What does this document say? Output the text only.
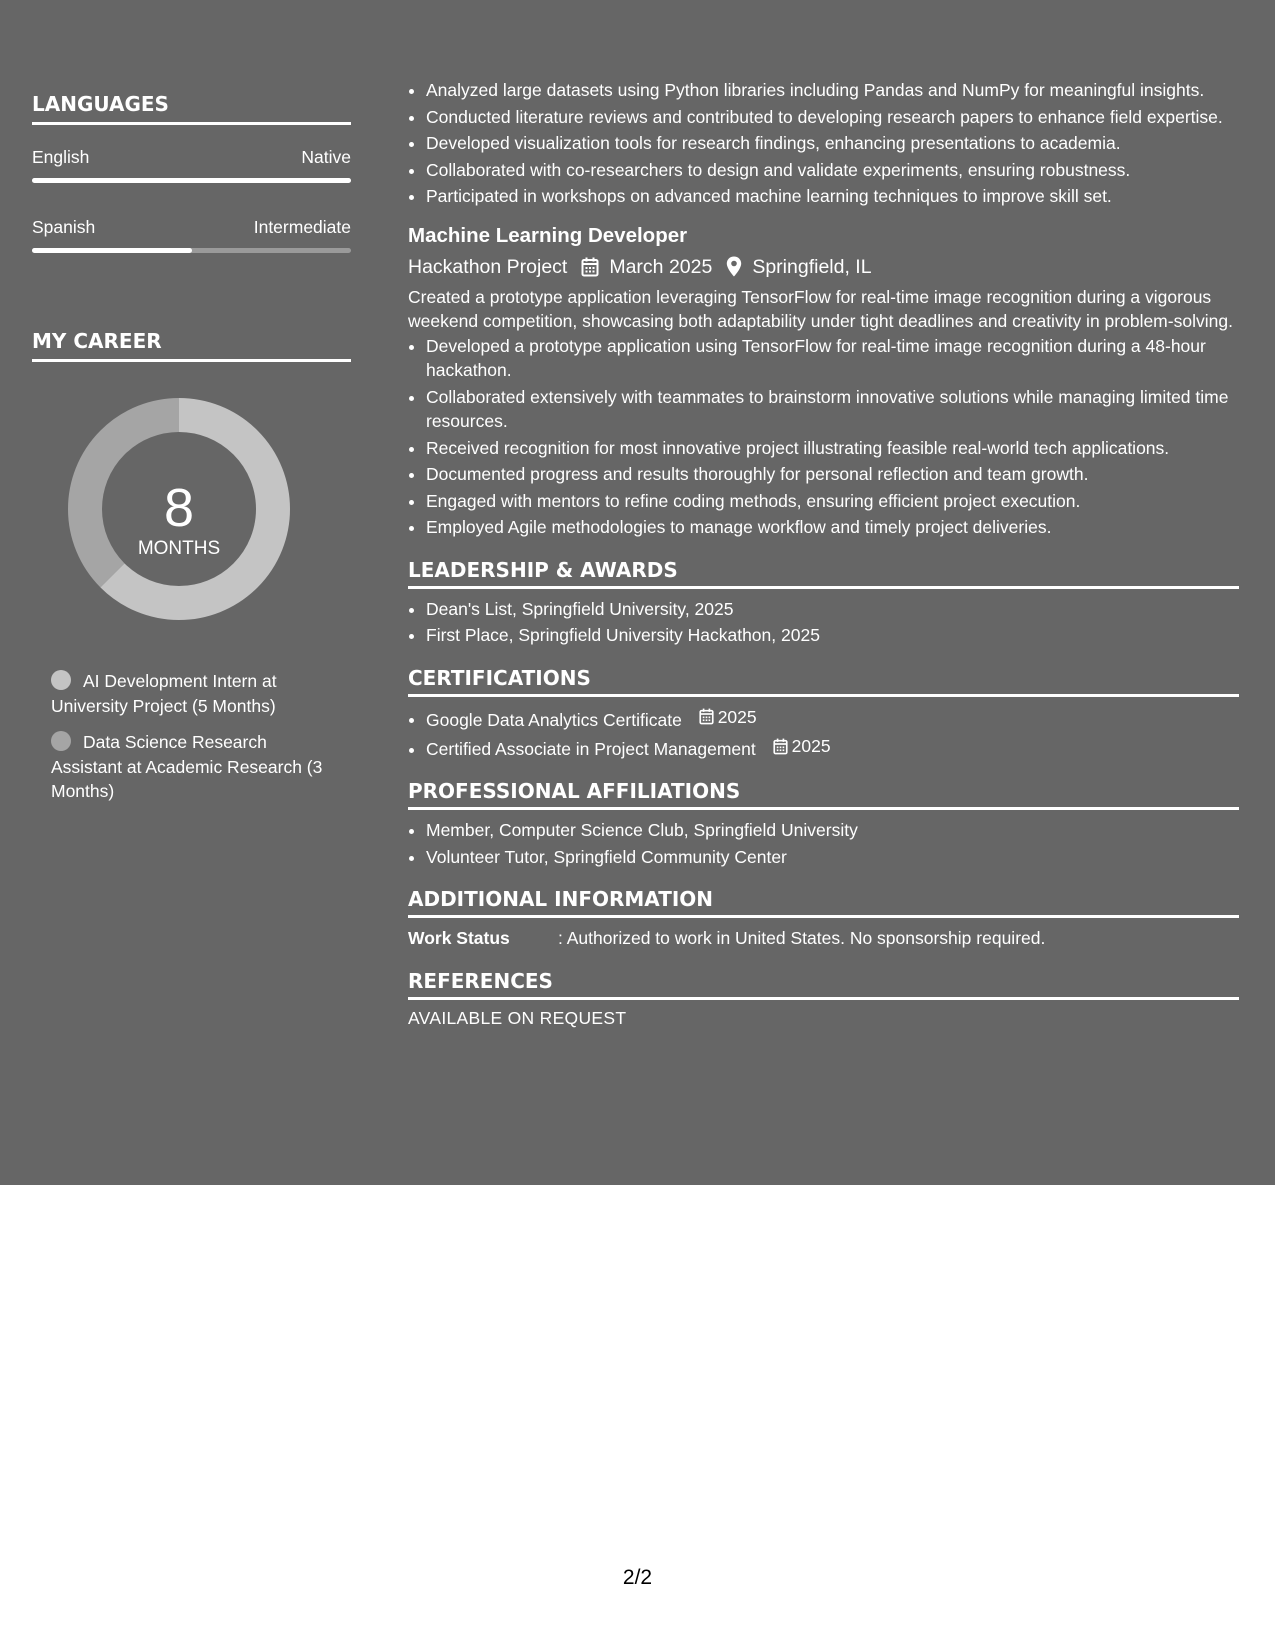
LANGUAGES
English	Native
Spanish	Intermediate
MY CAREER
8
MONTHS
AI Development Intern at University Project (5 Months)
Data Science Research Assistant at Academic Research (3 Months)
• Analyzed large datasets using Python libraries including Pandas and NumPy for meaningful insights.
• Conducted literature reviews and contributed to developing research papers to enhance field expertise.
• Developed visualization tools for research findings, enhancing presentations to academia.
• Collaborated with co-researchers to design and validate experiments, ensuring robustness.
• Participated in workshops on advanced machine learning techniques to improve skill set.
Machine Learning Developer
Hackathon Project March 2025 Springfield, IL

Created a prototype application leveraging TensorFlow for real-time image recognition during a vigorous weekend competition, showcasing both adaptability under tight deadlines and creativity in problem-solving.

• Developed a prototype application using TensorFlow for real-time image recognition during a 48-hour hackathon.
• Collaborated extensively with teammates to brainstorm innovative solutions while managing limited time resources.
• Received recognition for most innovative project illustrating feasible real-world tech applications.
• Documented progress and results thoroughly for personal reflection and team growth.
• Engaged with mentors to refine coding methods, ensuring efficient project execution.
• Employed Agile methodologies to manage workflow and timely project deliveries.
LEADERSHIP & AWARDS
• Dean's List, Springfield University, 2025
• First Place, Springfield University Hackathon, 2025
CERTIFICATIONS
• Google Data Analytics Certificate 2025
• Certified Associate in Project Management 2025
PROFESSIONAL AFFILIATIONS
• Member, Computer Science Club, Springfield University
• Volunteer Tutor, Springfield Community Center
ADDITIONAL INFORMATION
Work Status	: Authorized to work in United States. No sponsorship required.
REFERENCES
AVAILABLE ON REQUEST
2/2
